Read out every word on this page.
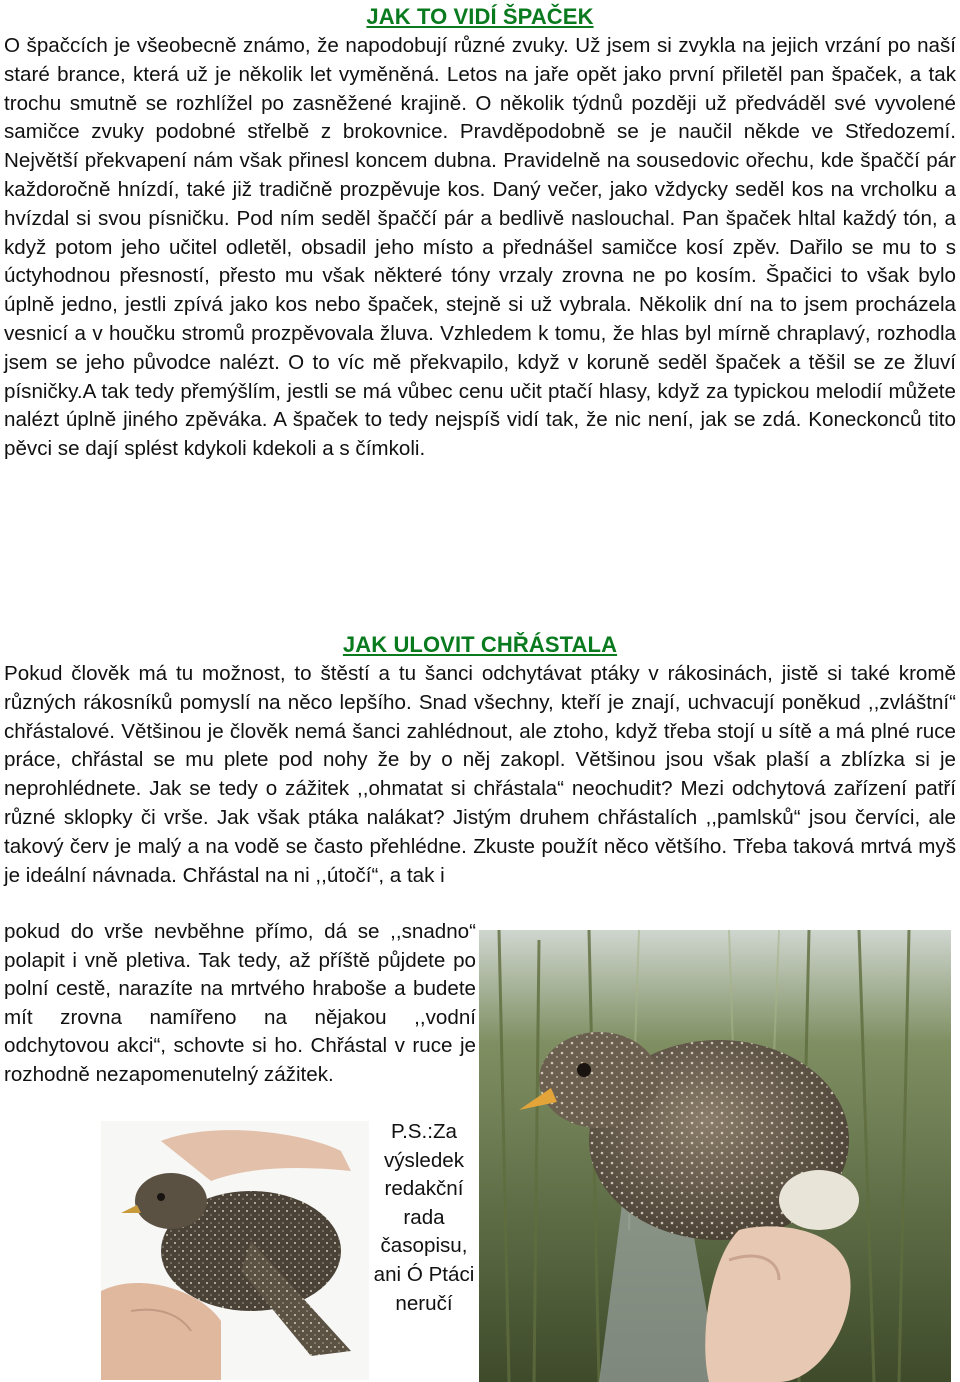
JAK TO VIDÍ ŠPAČEK

O špačcích je všeobecně známo, že napodobují různé zvuky. Už jsem si zvykla na jejich vrzání po naší staré brance, která už je několik let vyměněná. Letos na jaře opět jako první přiletěl pan špaček, a tak trochu smutně se rozhlížel po zasněžené krajině. O několik týdnů později už předváděl své vyvolené samičce zvuky podobné střelbě z brokovnice. Pravděpodobně se je naučil někde ve Středozemí. Největší překvapení nám však přinesl koncem dubna. Pravidelně na sousedovic ořechu, kde špaččí pár každoročně hnízdí, také již tradičně prozpěvuje kos. Daný večer, jako vždycky seděl kos na vrcholku a hvízdal si svou písničku. Pod ním seděl špaččí pár a bedlivě naslouchal. Pan špaček hltal každý tón, a když potom jeho učitel odletěl, obsadil jeho místo a přednášel samičce kosí zpěv. Dařilo se mu to s úctyhodnou přesností, přesto mu však některé tóny vrzaly zrovna ne po kosím. Špačici to však bylo úplně jedno, jestli zpívá jako kos nebo špaček, stejně si už vybrala. Několik dní na to jsem procházela vesnicí a v houčku stromů prozpěvovala žluva. Vzhledem k tomu, že hlas byl mírně chraplavý, rozhodla jsem se jeho původce nalézt. O to víc mě překvapilo, když v koruně seděl špaček a těšil se ze žluví písničky.A tak tedy přemýšlím, jestli se má vůbec cenu učit ptačí hlasy, když za typickou melodií můžete nalézt úplně jiného zpěváka. A špaček to tedy nejspíš vidí tak, že nic není, jak se zdá. Koneckonců tito pěvci se dají splést kdykoli kdekoli a s čímkoli.

JAK ULOVIT CHŘÁSTALA

Pokud člověk má tu možnost, to štěstí a tu šanci odchytávat ptáky v rákosinách, jistě si také kromě různých rákosníků pomyslí na něco lepšího. Snad všechny, kteří je znají, uchvacují poněkud ,,zvláštní“ chřástalové. Většinou je člověk nemá šanci zahlédnout, ale ztoho, když třeba stojí u sítě a má plné ruce práce, chřástal se mu plete pod nohy že by o něj zakopl. Většinou jsou však plaší a zblízka si je neprohlédnete. Jak se tedy o zážitek ,,ohmatat si chřástala“ neochudit? Mezi odchytová zařízení patří různé sklopky či vrše. Jak však ptáka nalákat? Jistým druhem chřástalích ,,pamlsků“ jsou červíci, ale takový červ je malý a na vodě se často přehlédne. Zkuste použít něco většího. Třeba taková mrtvá myš je ideální návnada. Chřástal na ni ,,útočí“, a tak i

pokud do vrše nevběhne přímo, dá se ,,snadno“ polapit i vně pletiva. Tak tedy, až příště půjdete po polní cestě, narazíte na mrtvého hraboše a budete mít zrovna namířeno na nějakou ,,vodní odchytovou akci“, schovte si ho. Chřástal v ruce je rozhodně nezapomenutelný zážitek.

P.S.:Za výsledek redakční rada časopisu, ani Ó Ptáci neručí
